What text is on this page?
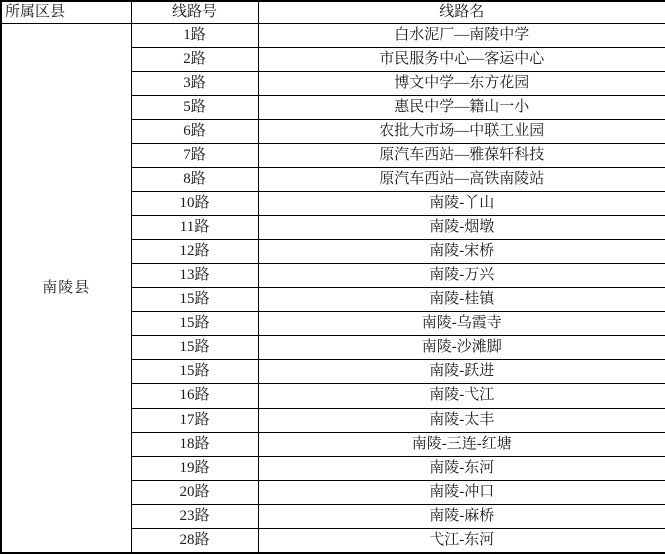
所属区县	线路号	线路名
南陵县	1路	白水泥厂—南陵中学
	2路	市民服务中心—客运中心
	3路	博文中学—东方花园
	5路	惠民中学—籍山一小
	6路	农批大市场—中联工业园
	7路	原汽车西站—雅葆轩科技
	8路	原汽车西站—高铁南陵站
	10路	南陵-丫山
	11路	南陵-烟墩
	12路	南陵-宋桥
	13路	南陵-万兴
	15路	南陵-桂镇
	15路	南陵-乌霞寺
	15路	南陵-沙滩脚
	15路	南陵-跃进
	16路	南陵-弋江
	17路	南陵-太丰
	18路	南陵-三连-红塘
	19路	南陵-东河
	20路	南陵-冲口
	23路	南陵-麻桥
	28路	弋江-东河
